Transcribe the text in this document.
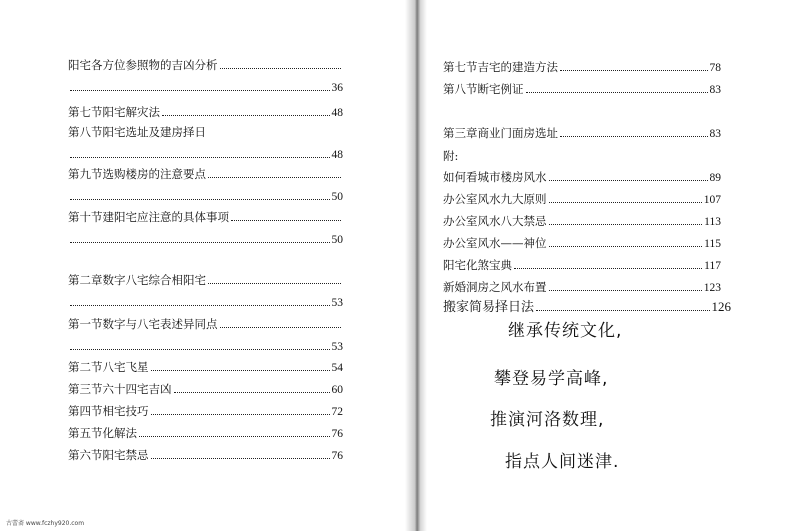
阳宅各方位参照物的吉凶分析
36
第七节阳宅解灾法	48
第八节阳宅选址及建房择日
48
第九节选购楼房的注意要点
50
第十节建阳宅应注意的具体事项
50
第二章数字八宅综合相阳宅
53
第一节数字与八宅表述异同点
53
第二节八宅飞星	54
第三节六十四宅吉凶	60
第四节相宅技巧	72
第五节化解法	76
第六节阳宅禁忌	76
第七节吉宅的建造方法	78
第八节断宅例证	83
第三章商业门面房选址	83
附:
如何看城市楼房风水	89
办公室风水九大原则	107
办公室风水八大禁忌	113
办公室风水——神位	115
阳宅化煞宝典	117
新婚洞房之风水布置	123
搬家简易择日法	126
继承传统文化,
攀登易学高峰,
推演河洛数理,
指点人间迷津.
古蕾斋 www.fczhy920.com
